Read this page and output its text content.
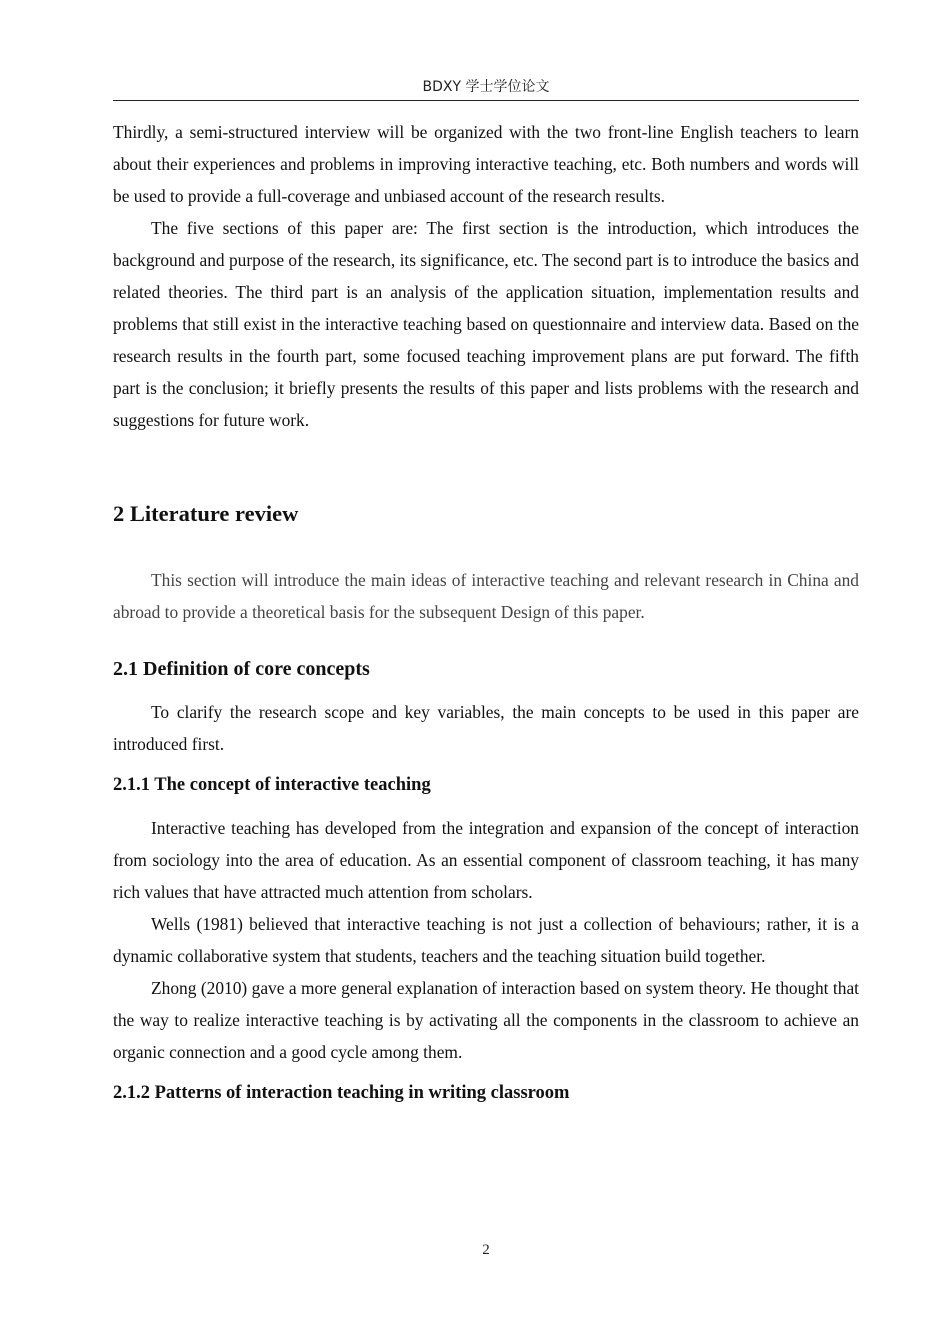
BDXY 学士学位论文

Thirdly, a semi-structured interview will be organized with the two front-line English teachers to learn about their experiences and problems in improving interactive teaching, etc. Both numbers and words will be used to provide a full-coverage and unbiased account of the research results.

The five sections of this paper are: The first section is the introduction, which introduces the background and purpose of the research, its significance, etc. The second part is to introduce the basics and related theories. The third part is an analysis of the application situation, implementation results and problems that still exist in the interactive teaching based on questionnaire and interview data. Based on the research results in the fourth part, some focused teaching improvement plans are put forward. The fifth part is the conclusion; it briefly presents the results of this paper and lists problems with the research and suggestions for future work.

2 Literature review

This section will introduce the main ideas of interactive teaching and relevant research in China and abroad to provide a theoretical basis for the subsequent Design of this paper.

2.1 Definition of core concepts

To clarify the research scope and key variables, the main concepts to be used in this paper are introduced first.

2.1.1 The concept of interactive teaching

Interactive teaching has developed from the integration and expansion of the concept of interaction from sociology into the area of education. As an essential component of classroom teaching, it has many rich values that have attracted much attention from scholars.

Wells (1981) believed that interactive teaching is not just a collection of behaviours; rather, it is a dynamic collaborative system that students, teachers and the teaching situation build together.

Zhong (2010) gave a more general explanation of interaction based on system theory. He thought that the way to realize interactive teaching is by activating all the components in the classroom to achieve an organic connection and a good cycle among them.

2.1.2 Patterns of interaction teaching in writing classroom
2
